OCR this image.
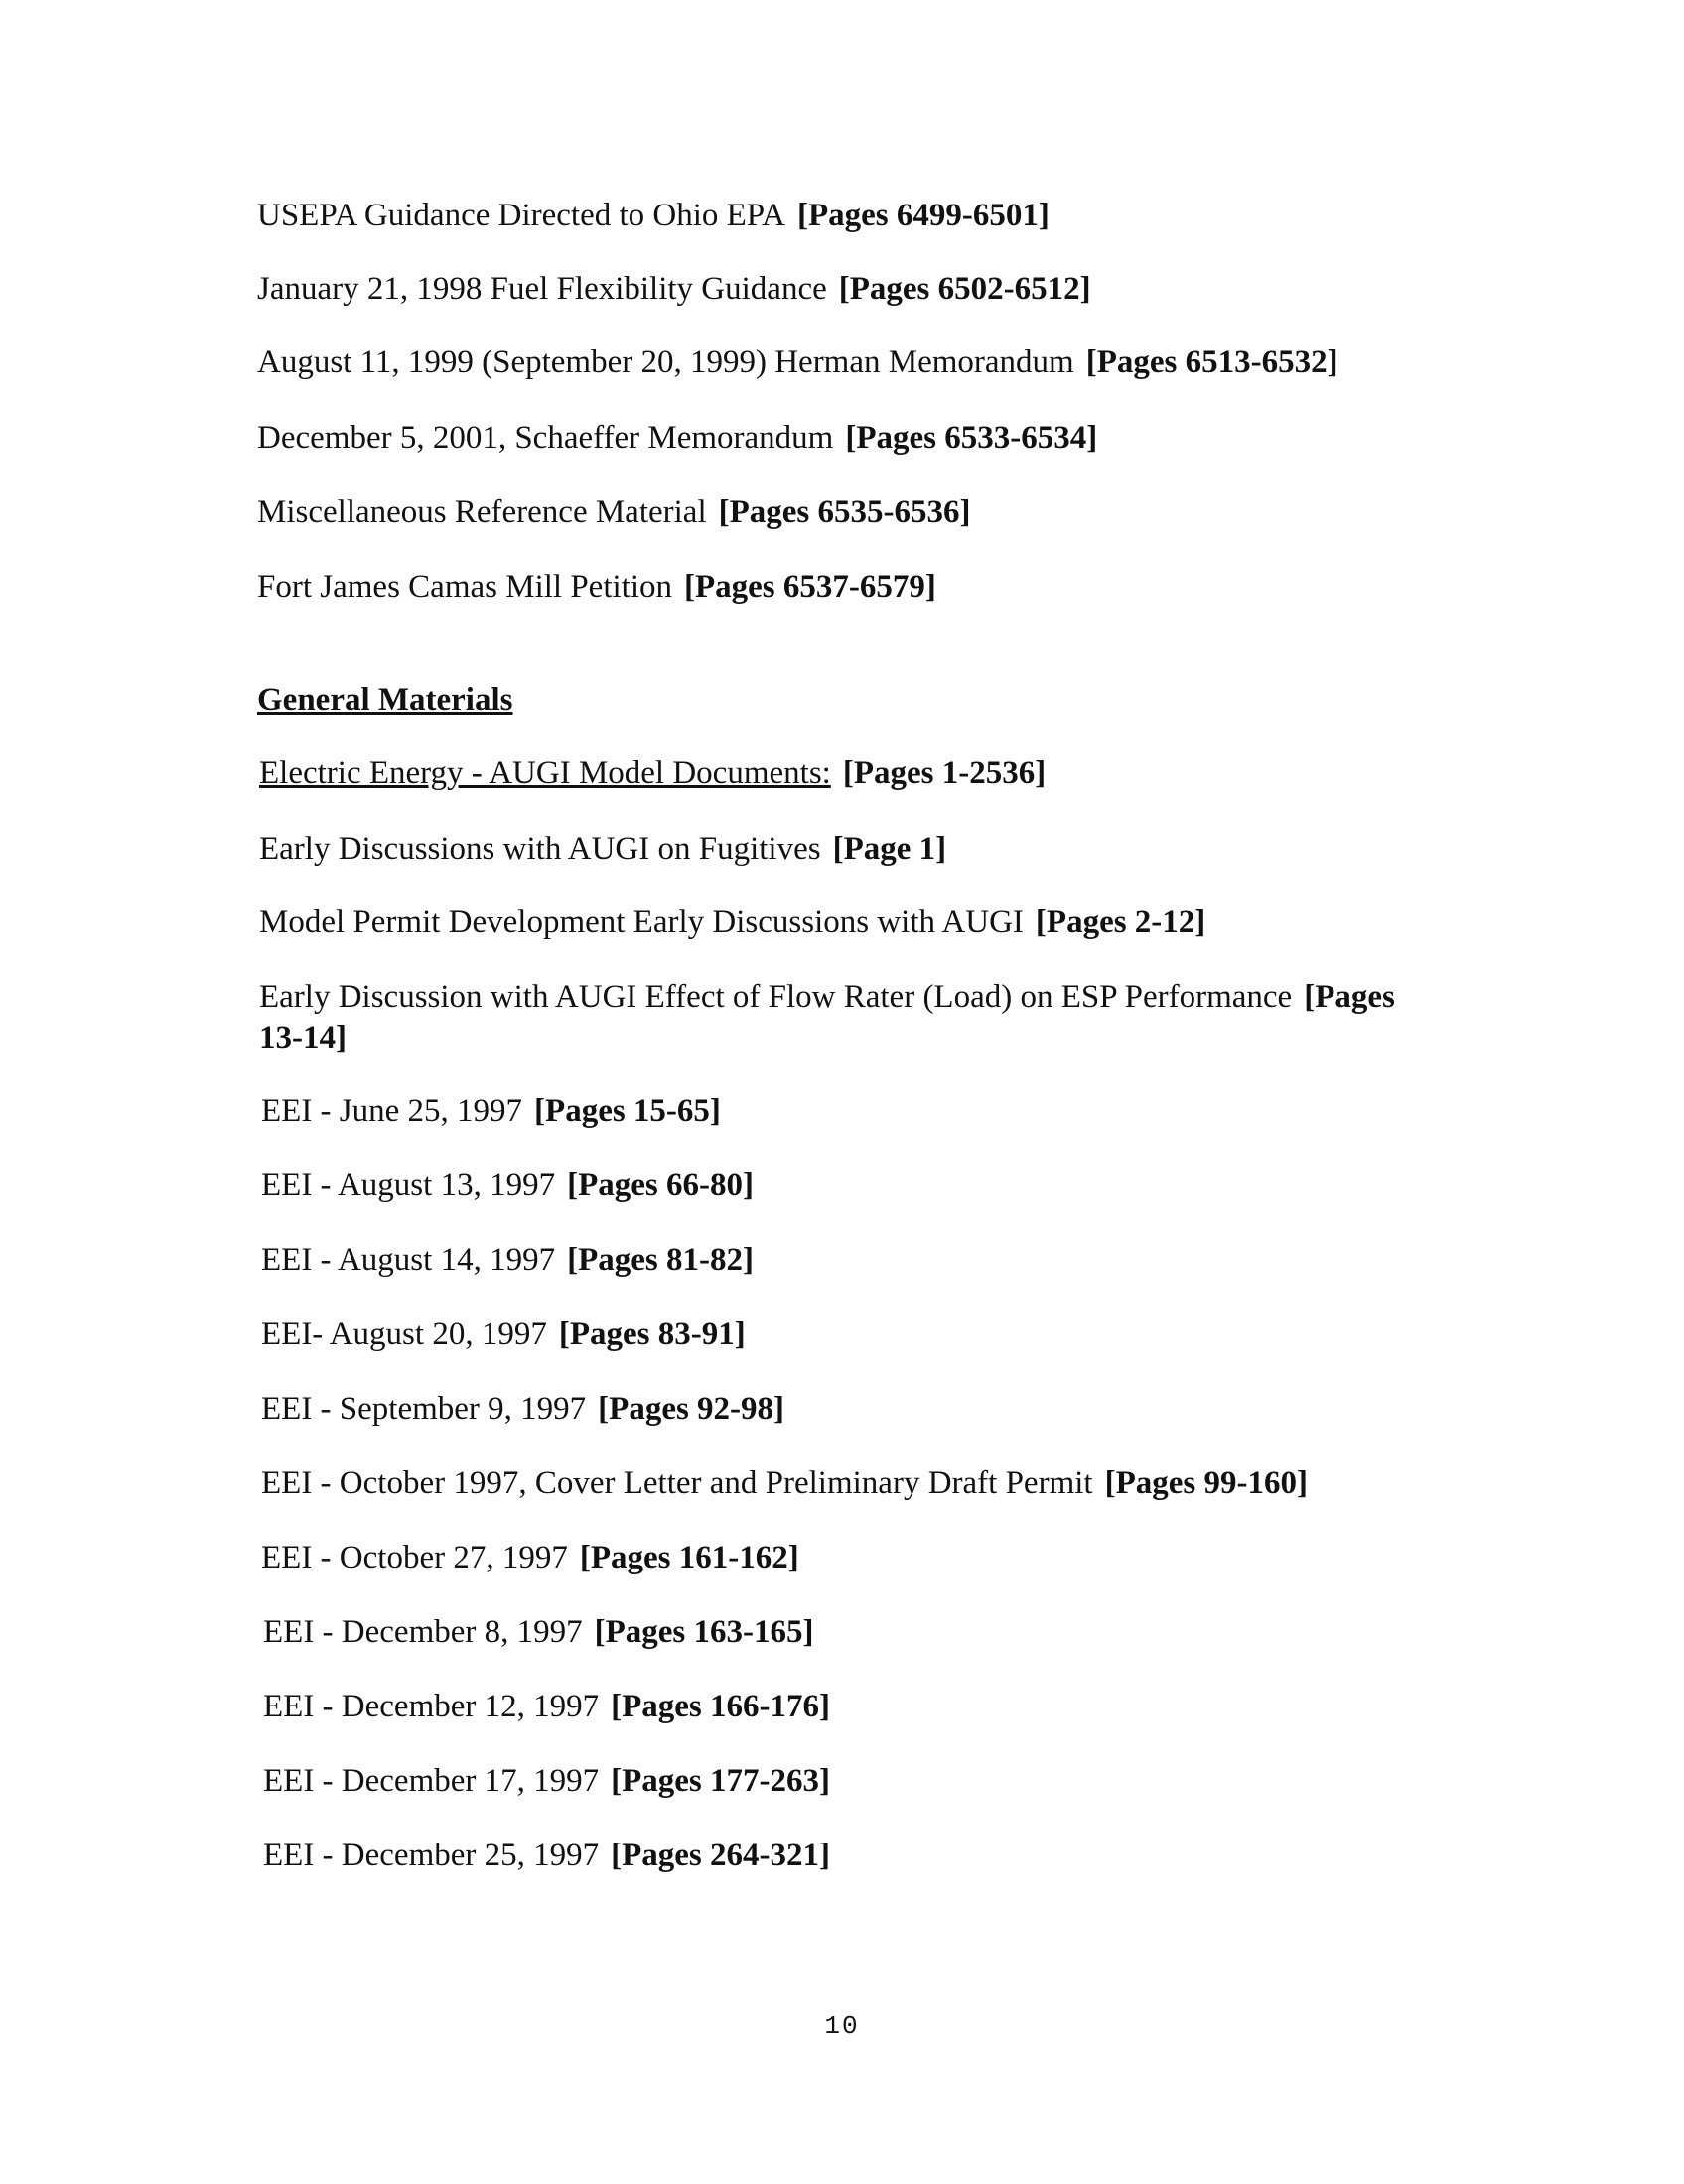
USEPA Guidance Directed to Ohio EPA [Pages 6499-6501]
January 21, 1998 Fuel Flexibility Guidance [Pages 6502-6512]
August 11, 1999 (September 20, 1999) Herman Memorandum [Pages 6513-6532]
December 5, 2001, Schaeffer Memorandum [Pages 6533-6534]
Miscellaneous Reference Material [Pages 6535-6536]
Fort James Camas Mill Petition [Pages 6537-6579]
General Materials
Electric Energy - AUGI Model Documents: [Pages 1-2536]
Early Discussions with AUGI on Fugitives [Page 1]
Model Permit Development Early Discussions with AUGI [Pages 2-12]
Early Discussion with AUGI Effect of Flow Rater (Load) on ESP Performance [Pages 13-14]
EEI - June 25, 1997 [Pages 15-65]
EEI - August 13, 1997 [Pages 66-80]
EEI - August 14, 1997 [Pages 81-82]
EEI- August 20, 1997 [Pages 83-91]
EEI - September 9, 1997 [Pages 92-98]
EEI - October 1997, Cover Letter and Preliminary Draft Permit [Pages 99-160]
EEI - October 27, 1997 [Pages 161-162]
EEI - December 8, 1997 [Pages 163-165]
EEI - December 12, 1997 [Pages 166-176]
EEI - December 17, 1997 [Pages 177-263]
EEI - December 25, 1997 [Pages 264-321]
10
